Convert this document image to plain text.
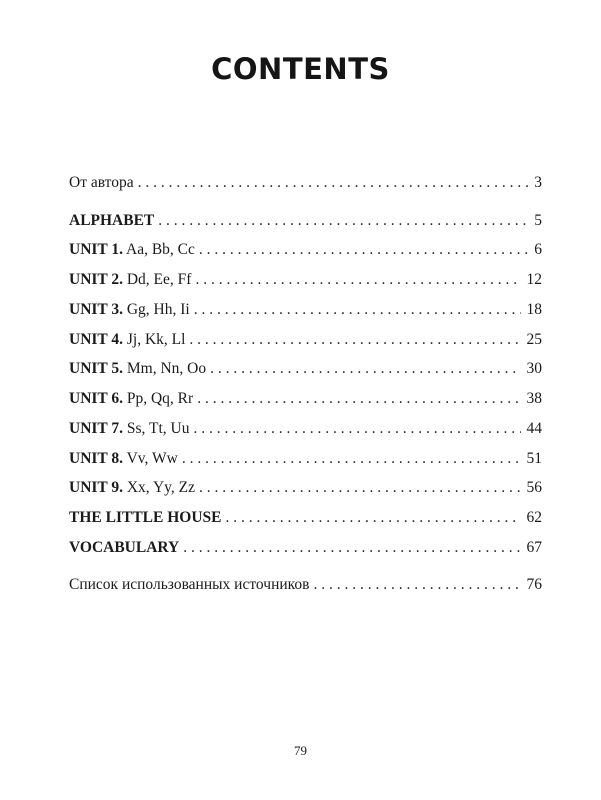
CONTENTS
От автора . . .	3
ALPHABET . . .	5
UNIT 1. Aa, Bb, Cc . . .	6
UNIT 2. Dd, Ee, Ff . . .	12
UNIT 3. Gg, Hh, Ii . . .	18
UNIT 4. Jj, Kk, Ll . . .	25
UNIT 5. Mm, Nn, Oo . . .	30
UNIT 6. Pp, Qq, Rr . . .	38
UNIT 7. Ss, Tt, Uu . . .	44
UNIT 8. Vv, Ww . . .	51
UNIT 9. Xx, Yy, Zz . . .	56
THE LITTLE HOUSE . . .	62
VOCABULARY . . .	67
Список использованных источников . . .	76
79
